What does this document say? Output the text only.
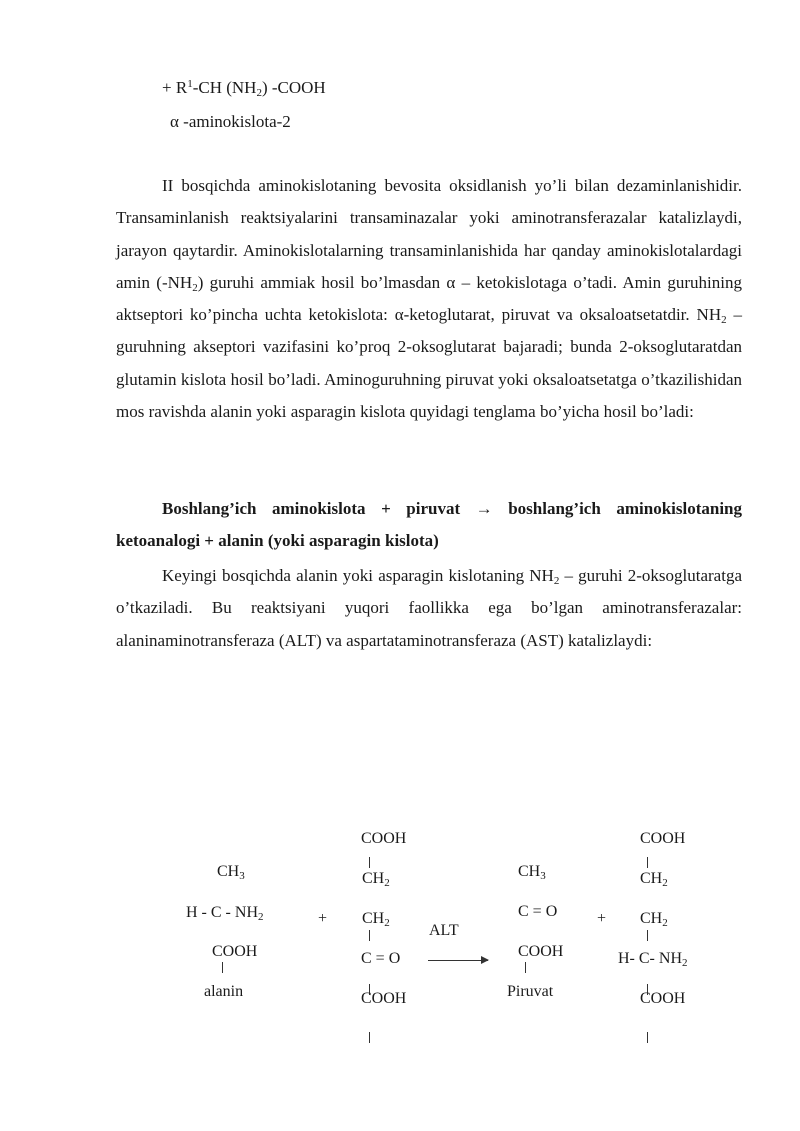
+ $R^1-CH$ $(NH_2)$ -COOH
α -aminokislota-2

II bosqichda aminokislotaning bevosita oksidlanish yo’li bilan dezaminlanishidir. Transaminlanish reaktsiyalarini transaminazalar yoki aminotransferazalar katalizlaydi, jarayon qaytardir. Aminokislotalarning transaminlanishida har qanday aminokislotalardagi amin $(-NH_2)$ guruhi ammiak hosil bo’lmasdan α – ketokislotaga o’tadi. Amin guruhining aktseptori ko’pincha uchta ketokislota: α-ketoglutarat, piruvat va oksaloatsetatdir. $NH_2$ – guruhning akseptori vazifasini ko’proq 2-oksoglutarat bajaradi; bunda 2-oksoglutaratdan glutamin kislota hosil bo’ladi. Aminoguruhning piruvat yoki oksaloatsetatga o’tkazilishidan mos ravishda alanin yoki asparagin kislota quyidagi tenglama bo’yicha hosil bo’ladi:

Boshlang’ich aminokislota + piruvat → boshlang’ich aminokislotaning ketoanalogi + alanin (yoki asparagin kislota)

Keyingi bosqichda alanin yoki asparagin kislotaning $NH_2$ – guruhi 2-oksoglutaratga o’tkaziladi. Bu reaktsiyani yuqori faollikka ega bo’lgan aminotransferazalar: alaninaminotransferaza (ALT) va aspartataminotransferaza (AST) katalizlaydi:

$CH_3$
H - C - $NH_2$
COOH
alanin
+
COOH
$CH_2$
$CH_2$
C = O
COOH
ALT
$CH_3$
C = O
COOH
Piruvat
+
COOH
$CH_2$
$CH_2$
H- C- $NH_2$
COOH
